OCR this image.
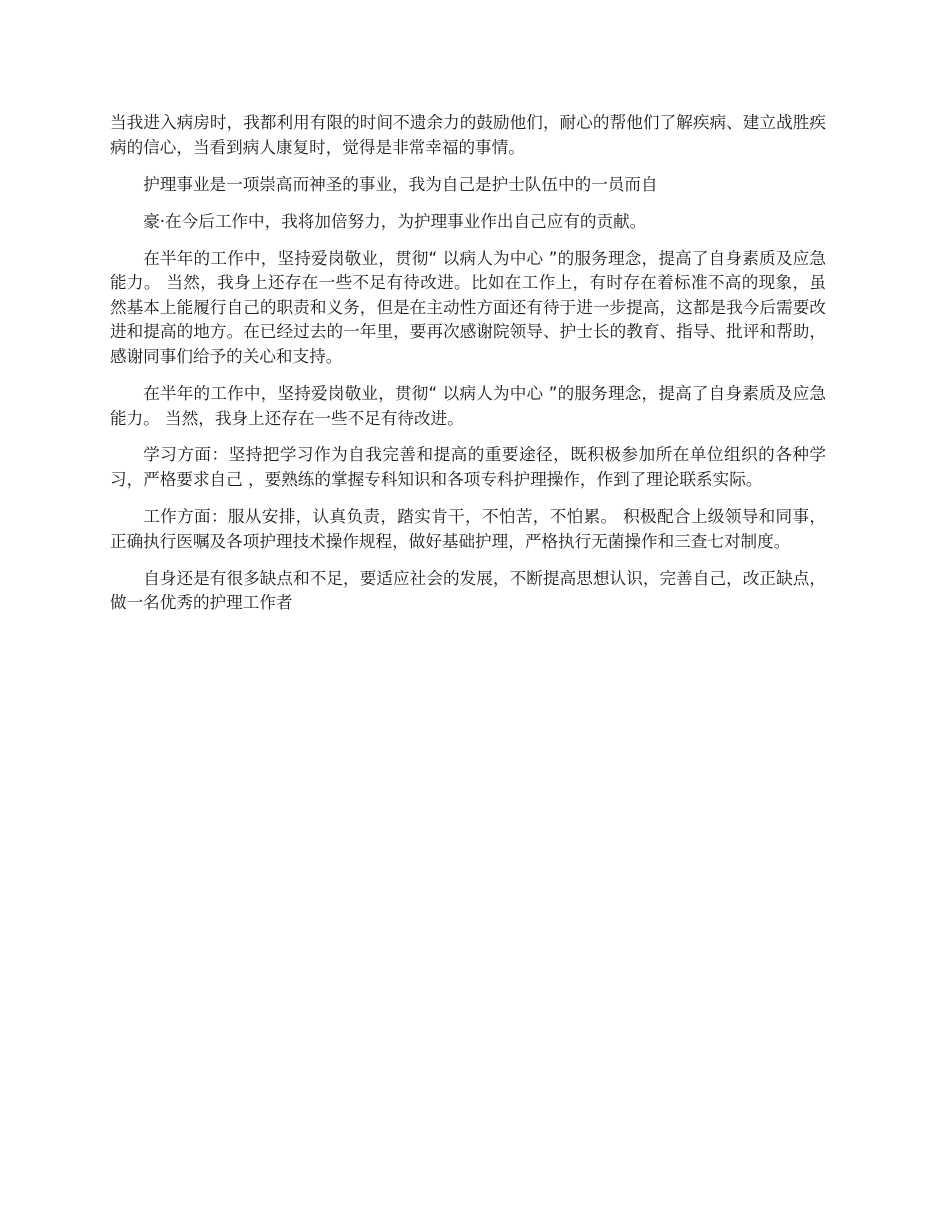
当我进入病房时，我都利用有限的时间不遗余力的鼓励他们，耐心的帮他们了解疾病、建立战胜疾病的信心，当看到病人康复时，觉得是非常幸福的事情。

护理事业是一项崇高而神圣的事业，我为自己是护士队伍中的一员而自

豪·在今后工作中，我将加倍努力，为护理事业作出自己应有的贡献。

在半年的工作中，坚持爱岗敬业，贯彻“ 以病人为中心 ”的服务理念，提高了自身素质及应急能力。 当然，我身上还存在一些不足有待改进。比如在工作上，有时存在着标准不高的现象，虽然基本上能履行自己的职责和义务，但是在主动性方面还有待于进一步提高，这都是我今后需要改进和提高的地方。在已经过去的一年里，要再次感谢院领导、护士长的教育、指导、批评和帮助，感谢同事们给予的关心和支持。

在半年的工作中，坚持爱岗敬业，贯彻“ 以病人为中心 ”的服务理念，提高了自身素质及应急能力。 当然，我身上还存在一些不足有待改进。

学习方面：坚持把学习作为自我完善和提高的重要途径，既积极参加所在单位组织的各种学习，严格要求自己 ，要熟练的掌握专科知识和各项专科护理操作，作到了理论联系实际。

工作方面：服从安排，认真负责，踏实肯干，不怕苦，不怕累。 积极配合上级领导和同事，正确执行医嘱及各项护理技术操作规程，做好基础护理，严格执行无菌操作和三查七对制度。

自身还是有很多缺点和不足，要适应社会的发展，不断提高思想认识，完善自己，改正缺点，做一名优秀的护理工作者
